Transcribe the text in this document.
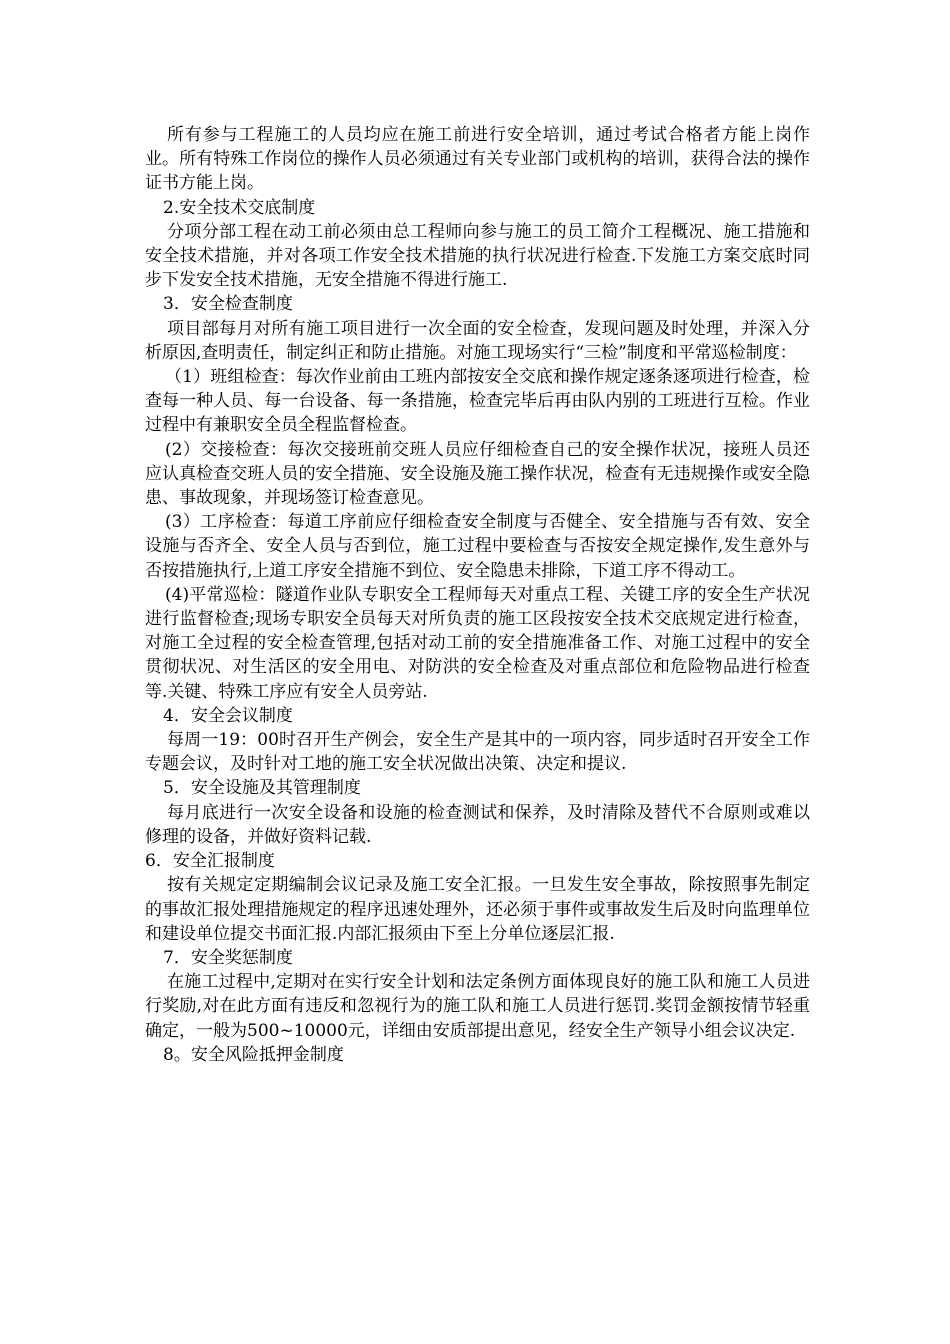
所有参与工程施工的人员均应在施工前进行安全培训，通过考试合格者方能上岗作业。所有特殊工作岗位的操作人员必须通过有关专业部门或机构的培训，获得合法的操作证书方能上岗。

2.安全技术交底制度

分项分部工程在动工前必须由总工程师向参与施工的员工简介工程概况、施工措施和安全技术措施，并对各项工作安全技术措施的执行状况进行检查.下发施工方案交底时同步下发安全技术措施，无安全措施不得进行施工.

3．安全检查制度

项目部每月对所有施工项目进行一次全面的安全检查，发现问题及时处理，并深入分析原因,查明责任，制定纠正和防止措施。对施工现场实行“三检”制度和平常巡检制度：

（1）班组检查：每次作业前由工班内部按安全交底和操作规定逐条逐项进行检查，检查每一种人员、每一台设备、每一条措施，检查完毕后再由队内别的工班进行互检。作业过程中有兼职安全员全程监督检查。

(2）交接检查：每次交接班前交班人员应仔细检查自己的安全操作状况，接班人员还应认真检查交班人员的安全措施、安全设施及施工操作状况，检查有无违规操作或安全隐患、事故现象，并现场签订检查意见。

(3）工序检查：每道工序前应仔细检查安全制度与否健全、安全措施与否有效、安全设施与否齐全、安全人员与否到位，施工过程中要检查与否按安全规定操作,发生意外与否按措施执行,上道工序安全措施不到位、安全隐患未排除，下道工序不得动工。

(4)平常巡检：隧道作业队专职安全工程师每天对重点工程、关键工序的安全生产状况进行监督检查;现场专职安全员每天对所负责的施工区段按安全技术交底规定进行检查，对施工全过程的安全检查管理,包括对动工前的安全措施准备工作、对施工过程中的安全贯彻状况、对生活区的安全用电、对防洪的安全检查及对重点部位和危险物品进行检查等.关键、特殊工序应有安全人员旁站.

4．安全会议制度

每周一19：00时召开生产例会，安全生产是其中的一项内容，同步适时召开安全工作专题会议，及时针对工地的施工安全状况做出决策、决定和提议.

5．安全设施及其管理制度

每月底进行一次安全设备和设施的检查测试和保养，及时清除及替代不合原则或难以修理的设备，并做好资料记载.

6．安全汇报制度

按有关规定定期编制会议记录及施工安全汇报。一旦发生安全事故，除按照事先制定的事故汇报处理措施规定的程序迅速处理外，还必须于事件或事故发生后及时向监理单位和建设单位提交书面汇报.内部汇报须由下至上分单位逐层汇报.

7．安全奖惩制度

在施工过程中,定期对在实行安全计划和法定条例方面体现良好的施工队和施工人员进行奖励,对在此方面有违反和忽视行为的施工队和施工人员进行惩罚.奖罚金额按情节轻重确定，一般为500~10000元，详细由安质部提出意见，经安全生产领导小组会议决定.

8。安全风险抵押金制度
